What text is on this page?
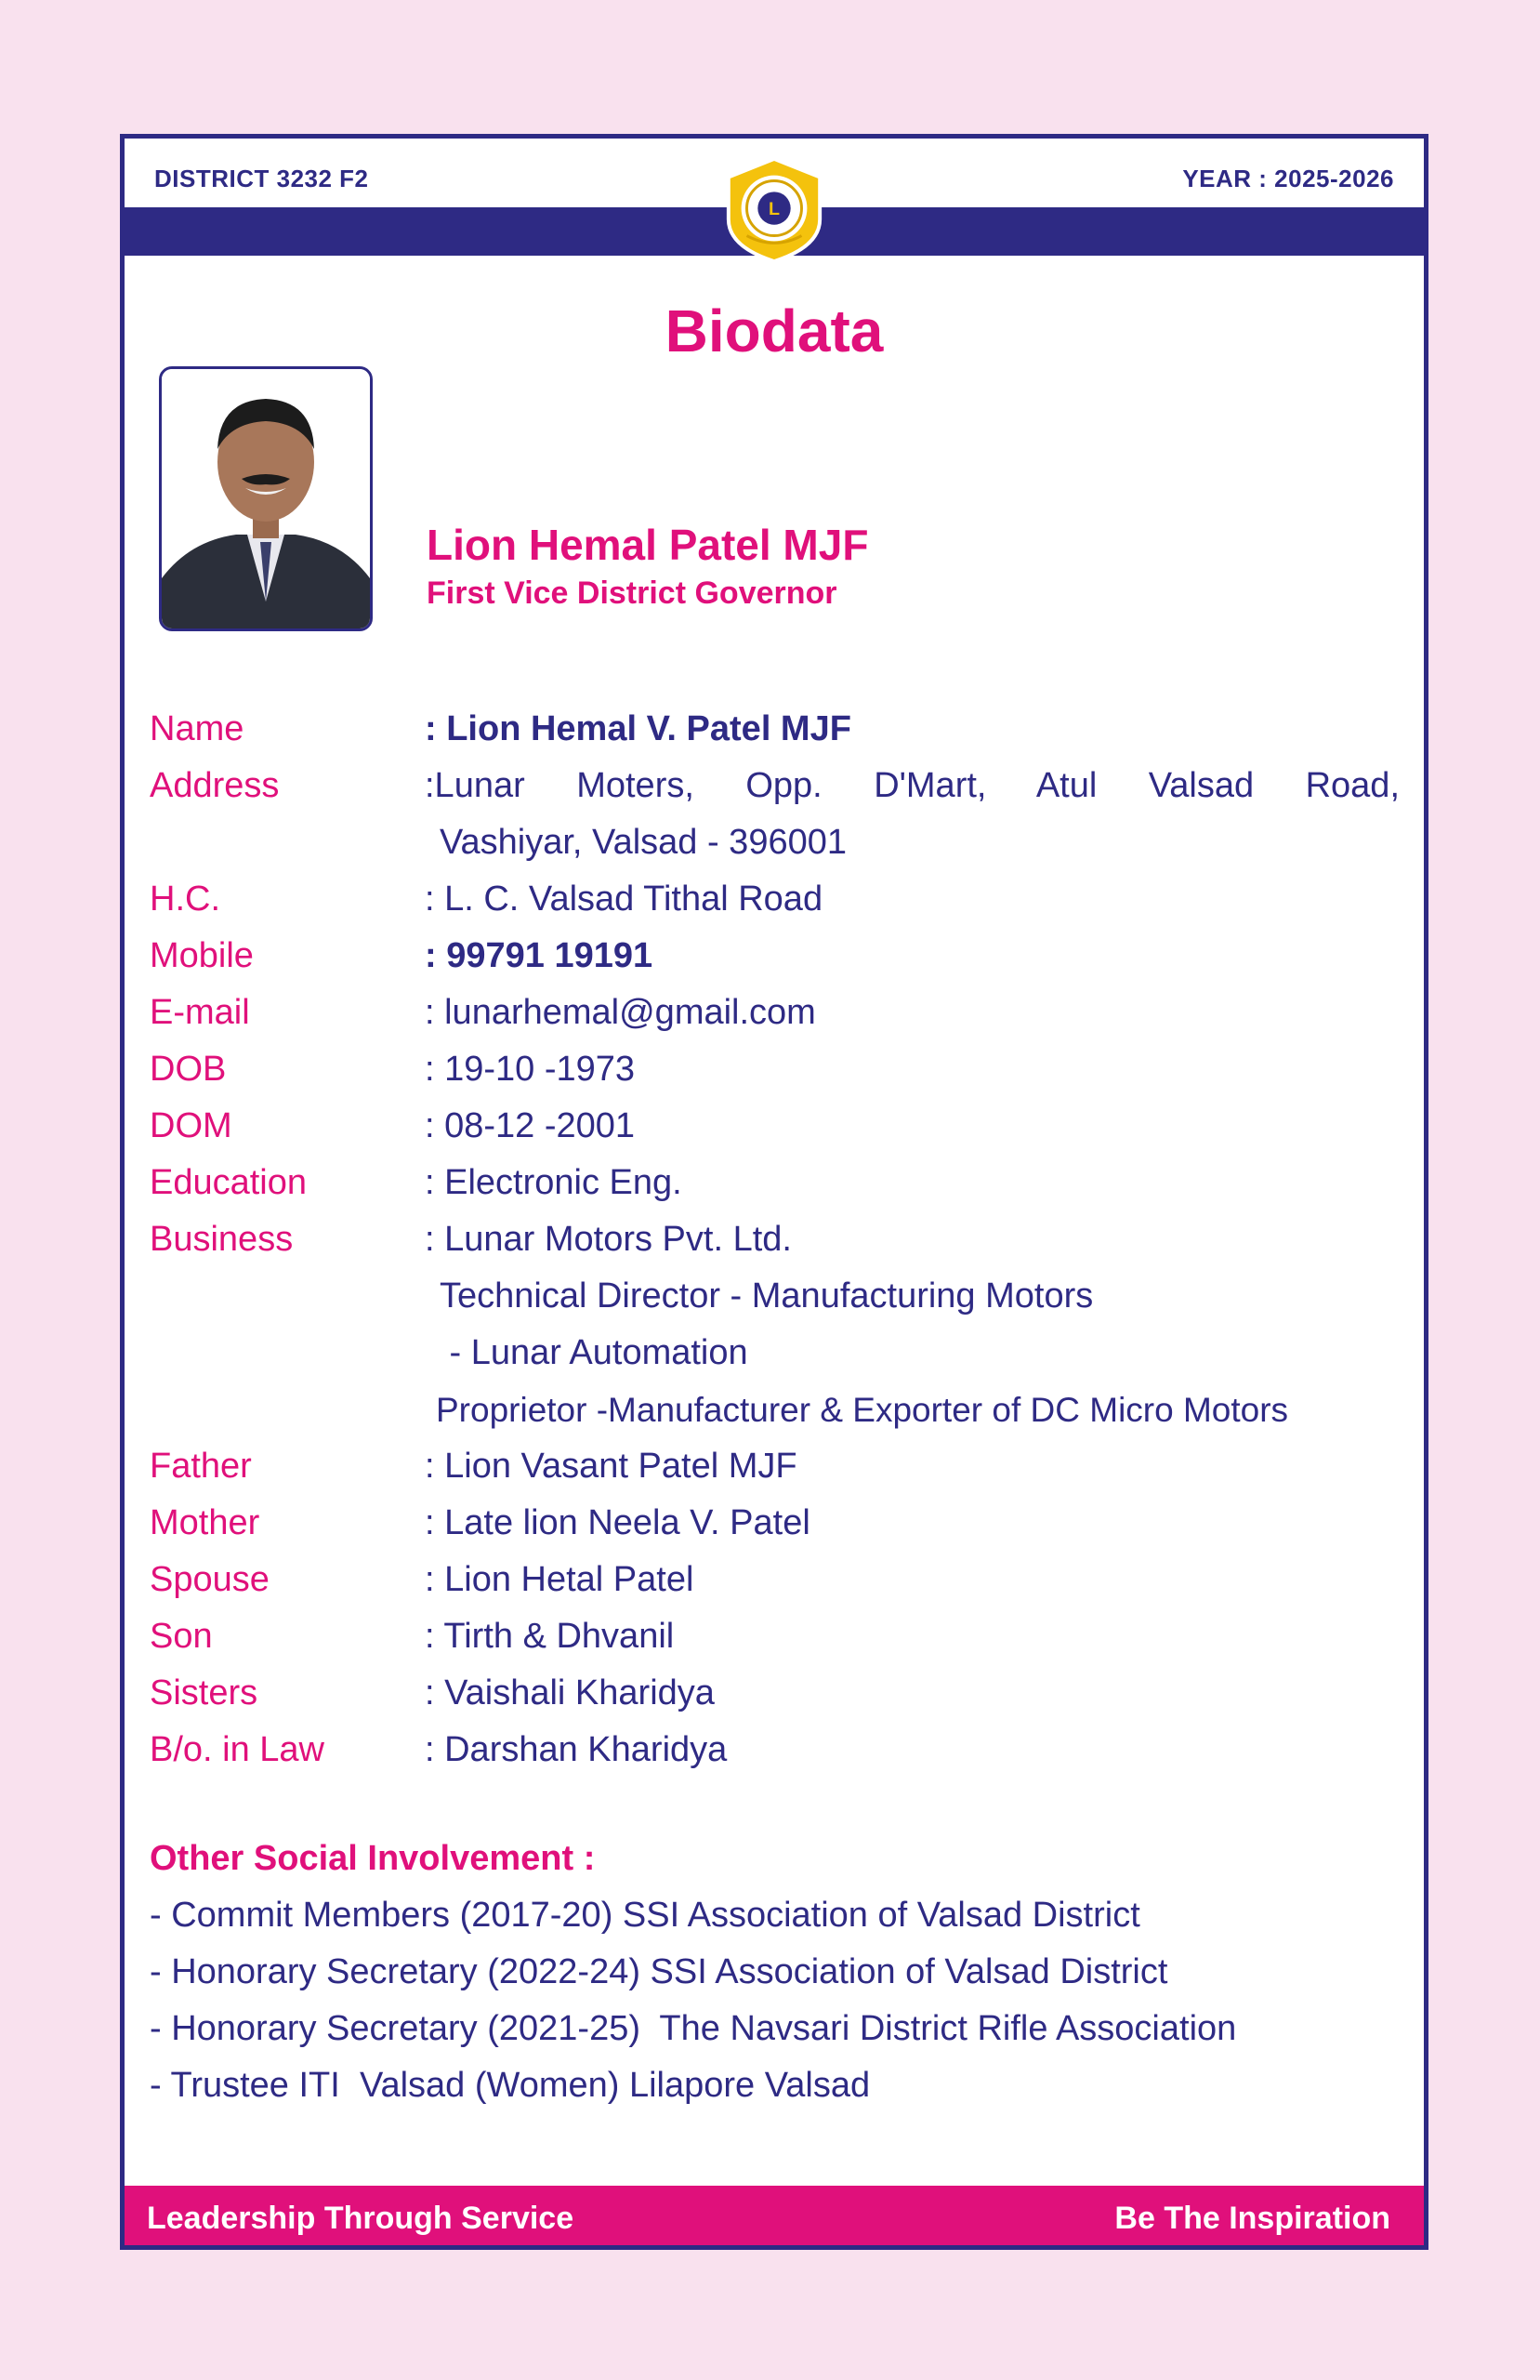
DISTRICT 3232 F2	YEAR : 2025-2026
L
Biodata
Lion Hemal Patel MJF
First Vice District Governor
Name	: Lion Hemal V. Patel MJF
Address	:Lunar Moters, Opp. D'Mart, Atul Valsad Road,
Vashiyar, Valsad - 396001
H.C.	: L. C. Valsad Tithal Road
Mobile	: 99791 19191
E-mail	: lunarhemal@gmail.com
DOB	: 19-10 -1973
DOM	: 08-12 -2001
Education	: Electronic Eng.
Business	: Lunar Motors Pvt. Ltd.
Technical Director - Manufacturing Motors
- Lunar Automation
Proprietor -Manufacturer & Exporter of DC Micro Motors
Father	: Lion Vasant Patel MJF
Mother	: Late lion Neela V. Patel
Spouse	: Lion Hetal Patel
Son	: Tirth & Dhvanil
Sisters	: Vaishali Kharidya
B/o. in Law	: Darshan Kharidya
Other Social Involvement :
- Commit Members (2017-20) SSI Association of Valsad District
- Honorary Secretary (2022-24) SSI Association of Valsad District
- Honorary Secretary (2021-25)  The Navsari District Rifle Association
- Trustee ITI  Valsad (Women) Lilapore Valsad
Leadership Through Service	Be The Inspiration
